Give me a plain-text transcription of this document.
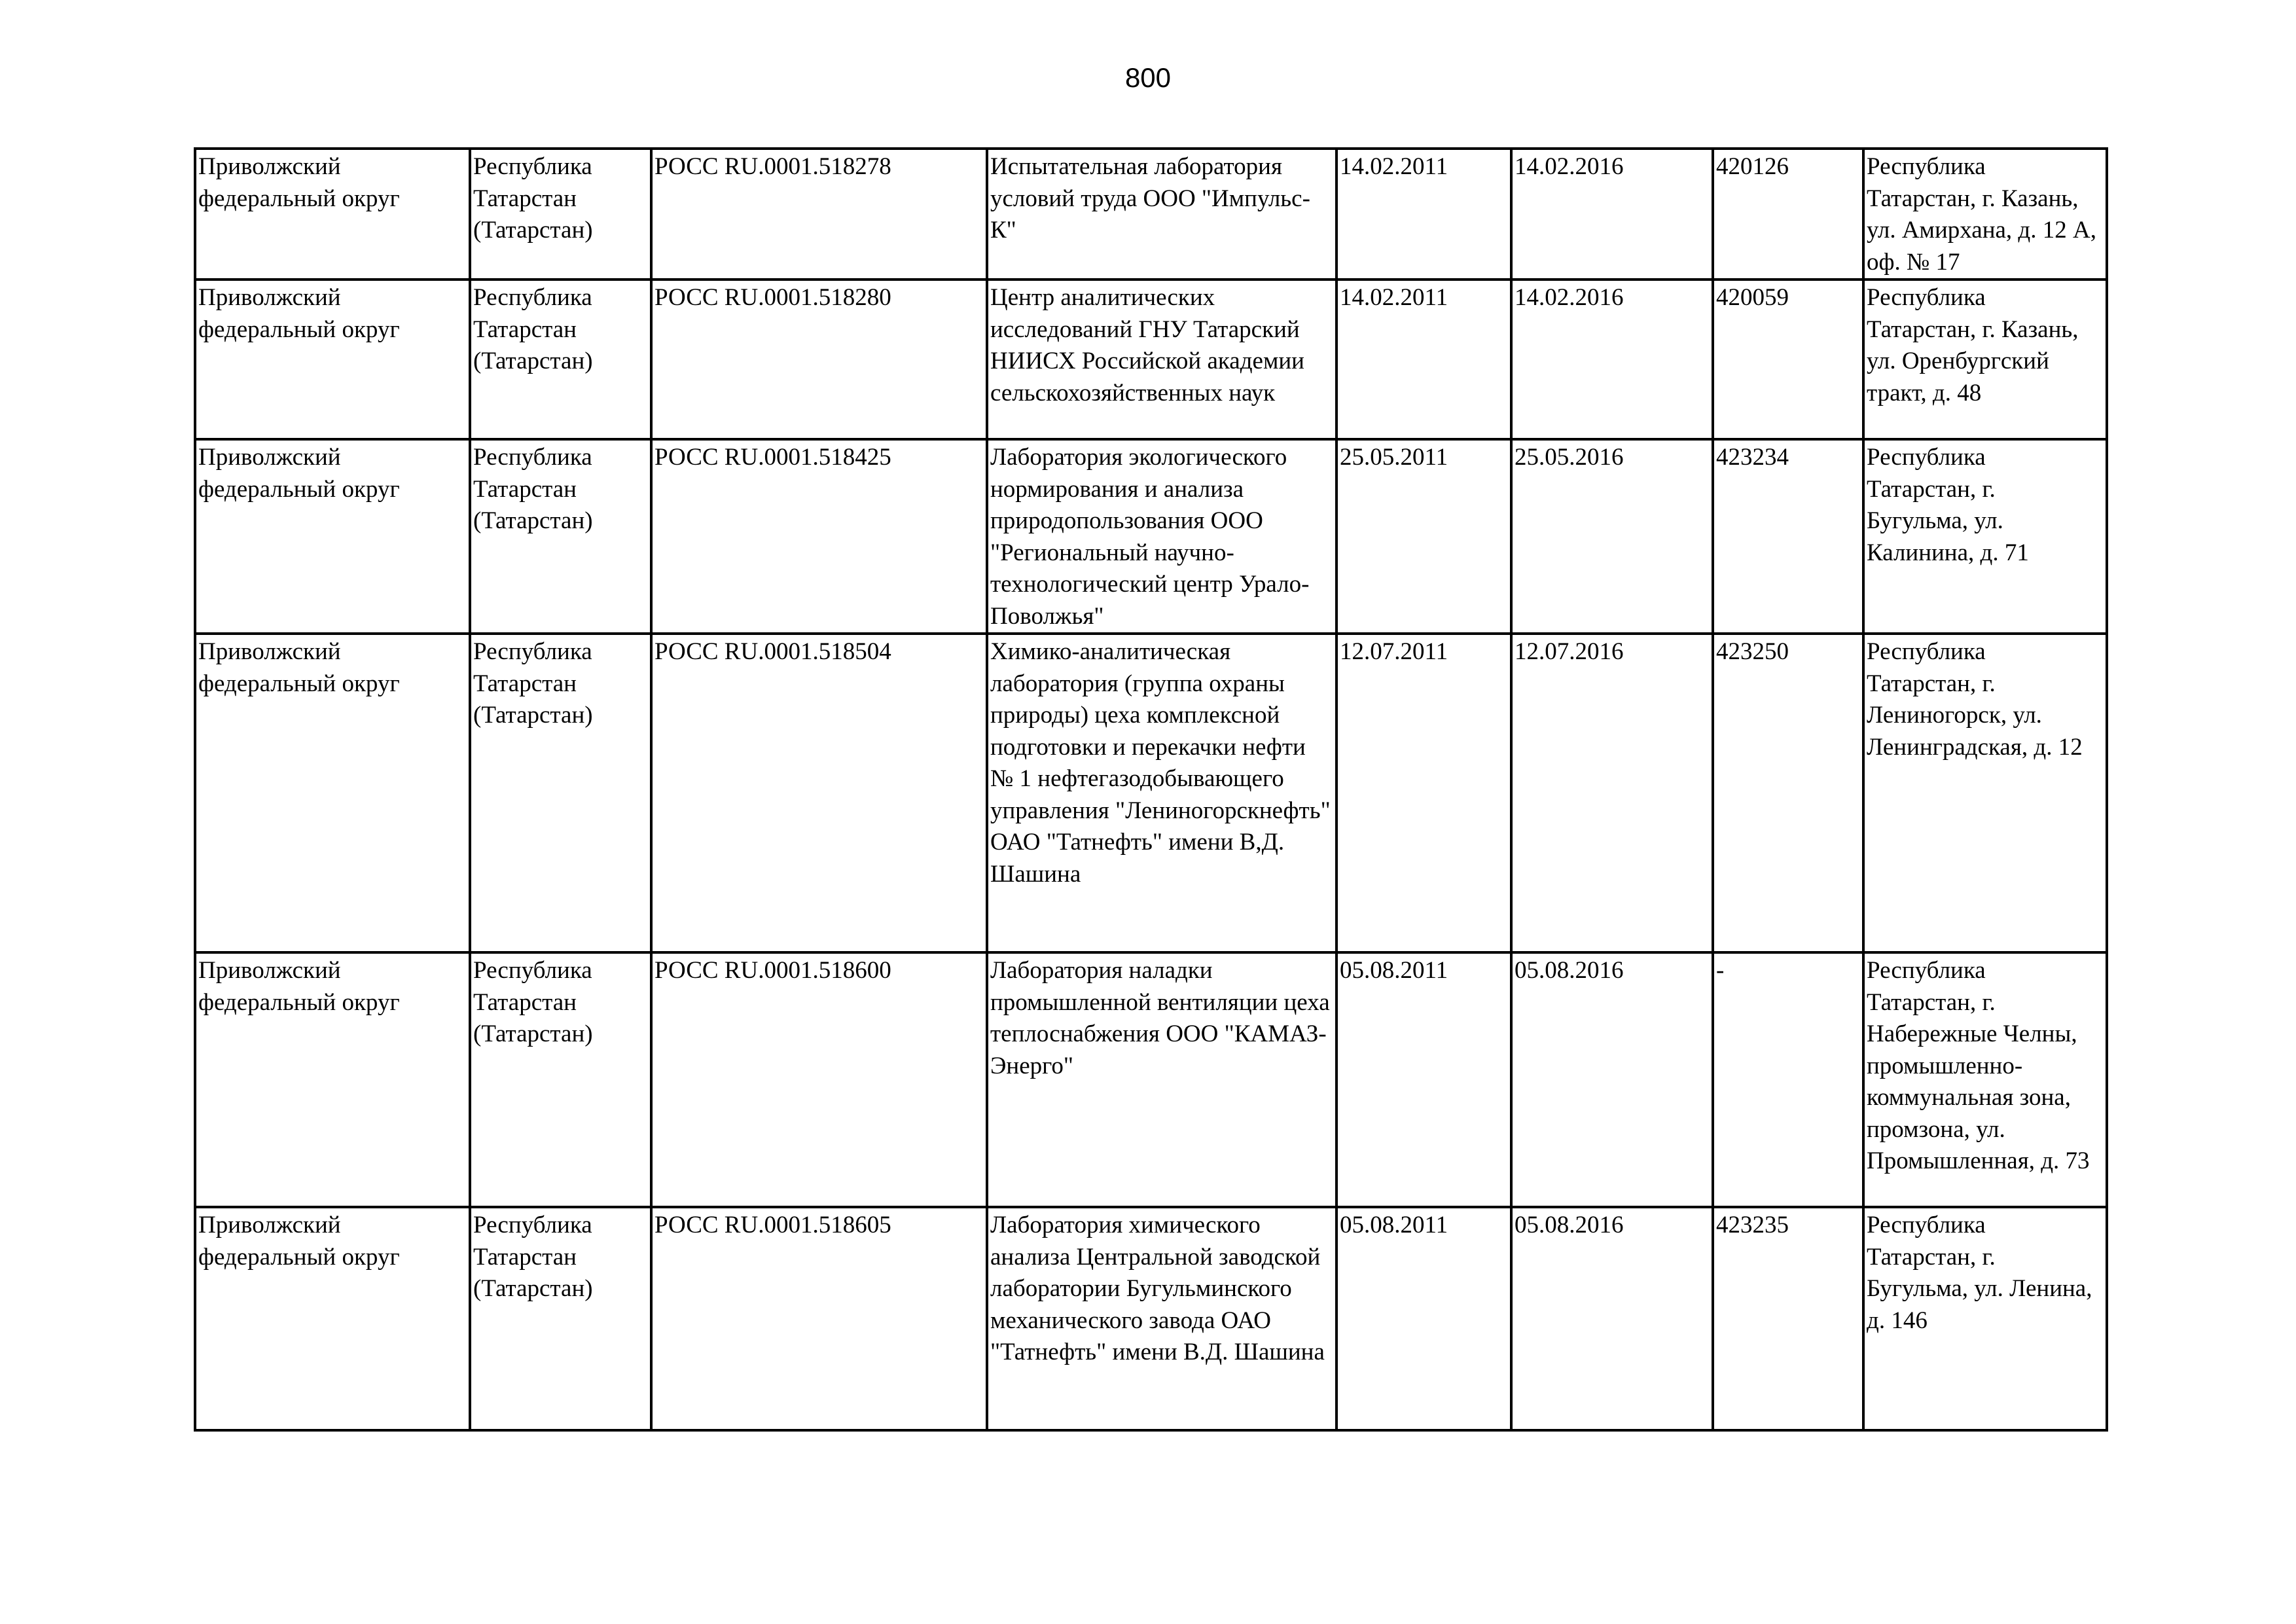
800
Приволжский федеральный округ	Республика Татарстан (Татарстан)	РОСС RU.0001.518278	Испытательная лаборатория условий труда ООО "Импульс-К"	14.02.2011	14.02.2016	420126	Республика Татарстан, г. Казань, ул. Амирхана, д. 12 А, оф. № 17
Приволжский федеральный округ	Республика Татарстан (Татарстан)	РОСС RU.0001.518280	Центр аналитических исследований ГНУ Татарский НИИСХ Российской академии сельскохозяйственных наук	14.02.2011	14.02.2016	420059	Республика Татарстан, г. Казань, ул. Оренбургский тракт, д. 48
Приволжский федеральный округ	Республика Татарстан (Татарстан)	РОСС RU.0001.518425	Лаборатория экологического нормирования и анализа природопользования ООО "Региональный научно-технологический центр Урало-Поволжья"	25.05.2011	25.05.2016	423234	Республика Татарстан, г. Бугульма, ул. Калинина, д. 71
Приволжский федеральный округ	Республика Татарстан (Татарстан)	РОСС RU.0001.518504	Химико-аналитическая лаборатория (группа охраны природы) цеха комплексной подготовки и перекачки нефти № 1 нефтегазодобывающего управления "Лениногорскнефть" ОАО "Татнефть" имени В,Д. Шашина	12.07.2011	12.07.2016	423250	Республика Татарстан, г. Лениногорск, ул. Ленинградская, д. 12
Приволжский федеральный округ	Республика Татарстан (Татарстан)	РОСС RU.0001.518600	Лаборатория наладки промышленной вентиляции цеха теплоснабжения ООО "КАМАЗ-Энерго"	05.08.2011	05.08.2016	-	Республика Татарстан, г. Набережные Челны, промышленно-коммунальная зона, промзона, ул. Промышленная, д. 73
Приволжский федеральный округ	Республика Татарстан (Татарстан)	РОСС RU.0001.518605	Лаборатория химического анализа Центральной заводской лаборатории Бугульминского механического завода ОАО "Татнефть" имени В.Д. Шашина	05.08.2011	05.08.2016	423235	Республика Татарстан, г. Бугульма, ул. Ленина, д. 146
